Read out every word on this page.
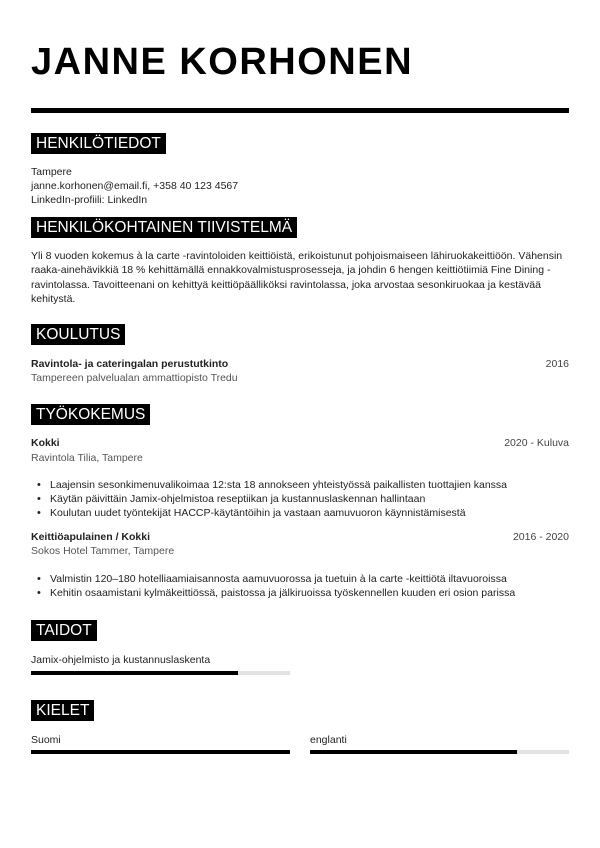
JANNE KORHONEN
HENKILÖTIEDOT
Tampere
janne.korhonen@email.fi, +358 40 123 4567
LinkedIn-profiili: LinkedIn
HENKILÖKOHTAINEN TIIVISTELMÄ
Yli 8 vuoden kokemus à la carte -ravintoloiden keittiöistä, erikoistunut pohjoismaiseen lähiruokakeittiöön. Vähensin raaka-ainehävikkiä 18 % kehittämällä ennakkovalmistusprosesseja, ja johdin 6 hengen keittiötiimiä Fine Dining -ravintolassa. Tavoitteenani on kehittyä keittiöpäälliköksi ravintolassa, joka arvostaa sesonkiruokaa ja kestävää kehitystä.
KOULUTUS
Ravintola- ja cateringalan perustutkinto	2016
Tampereen palvelualan ammattiopisto Tredu
TYÖKOKEMUS
Kokki	2020 - Kuluva
Ravintola Tilia, Tampere
• Laajensin sesonkimenuvalikoimaa 12:sta 18 annokseen yhteistyössä paikallisten tuottajien kanssa
• Käytän päivittäin Jamix-ohjelmistoa reseptiikan ja kustannuslaskennan hallintaan
• Koulutan uudet työntekijät HACCP-käytäntöihin ja vastaan aamuvuoron käynnistämisestä
Keittiöapulainen / Kokki	2016 - 2020
Sokos Hotel Tammer, Tampere
• Valmistin 120–180 hotelliaamiaisannosta aamuvuorossa ja tuetuin à la carte -keittiötä iltavuoroissa
• Kehitin osaamistani kylmäkeittiössä, paistossa ja jälkiruoissa työskennellen kuuden eri osion parissa
TAIDOT
Jamix-ohjelmisto ja kustannuslaskenta
KIELET
Suomi	englanti
